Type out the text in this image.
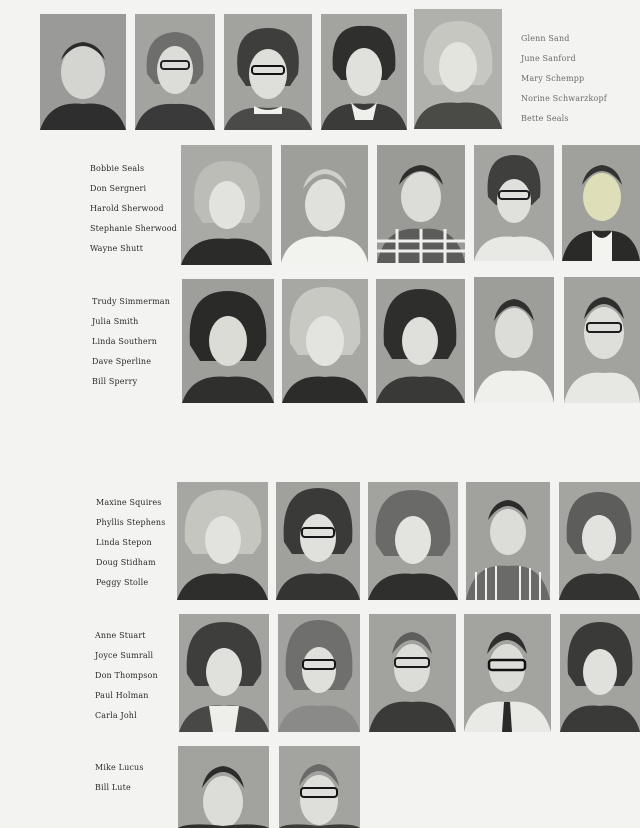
Glenn Sand
June Sanford
Mary Schempp
Norine Schwarzkopf
Bette Seals
Bobbie Seals
Don Sergneri
Harold Sherwood
Stephanie Sherwood
Wayne Shutt
Trudy Simmerman
Julia Smith
Linda Southern
Dave Sperline
Bill Sperry
Maxine Squires
Phyllis Stephens
Linda Stepon
Doug Stidham
Peggy Stolle
Anne Stuart
Joyce Sumrall
Don Thompson
Paul Holman
Carla Johl
Mike Lucus
Bill Lute
